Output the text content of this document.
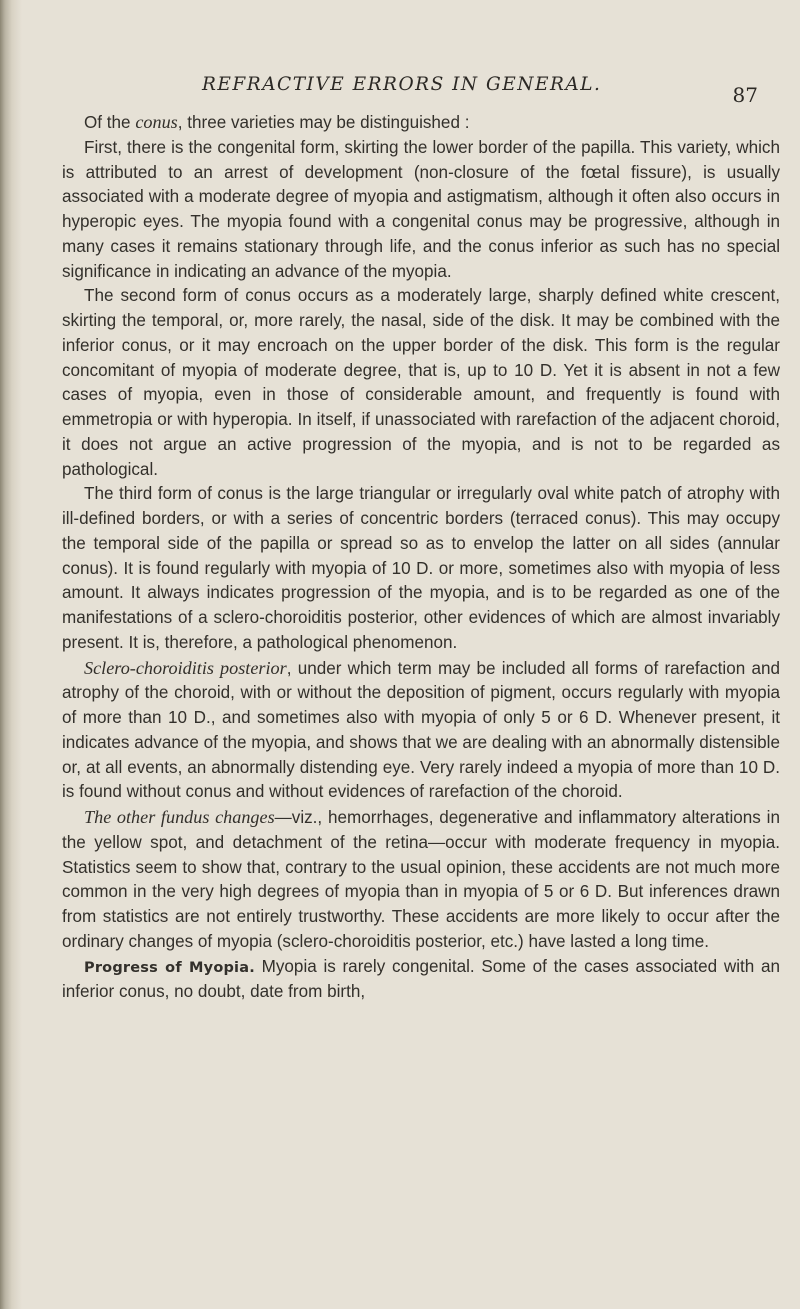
REFRACTIVE ERRORS IN GENERAL.	87

Of the conus, three varieties may be distinguished :

First, there is the congenital form, skirting the lower border of the papilla. This variety, which is attributed to an arrest of development (non-closure of the fœtal fissure), is usually associated with a moderate degree of myopia and astigmatism, although it often also occurs in hyperopic eyes. The myopia found with a congenital conus may be progressive, although in many cases it remains stationary through life, and the conus inferior as such has no special significance in indicating an advance of the myopia.

The second form of conus occurs as a moderately large, sharply defined white crescent, skirting the temporal, or, more rarely, the nasal, side of the disk. It may be combined with the inferior conus, or it may encroach on the upper border of the disk. This form is the regular concomitant of myopia of moderate degree, that is, up to 10 D. Yet it is absent in not a few cases of myopia, even in those of considerable amount, and frequently is found with emmetropia or with hyperopia. In itself, if unassociated with rarefaction of the adjacent choroid, it does not argue an active progression of the myopia, and is not to be regarded as pathological.

The third form of conus is the large triangular or irregularly oval white patch of atrophy with ill-defined borders, or with a series of concentric borders (terraced conus). This may occupy the temporal side of the papilla or spread so as to envelop the latter on all sides (annular conus). It is found regularly with myopia of 10 D. or more, sometimes also with myopia of less amount. It always indicates progression of the myopia, and is to be regarded as one of the manifestations of a sclero-choroiditis posterior, other evidences of which are almost invariably present. It is, therefore, a pathological phenomenon.

Sclero-choroiditis posterior, under which term may be included all forms of rarefaction and atrophy of the choroid, with or without the deposition of pigment, occurs regularly with myopia of more than 10 D., and sometimes also with myopia of only 5 or 6 D. Whenever present, it indicates advance of the myopia, and shows that we are dealing with an abnormally distensible or, at all events, an abnormally distending eye. Very rarely indeed a myopia of more than 10 D. is found without conus and without evidences of rarefaction of the choroid.

The other fundus changes—viz., hemorrhages, degenerative and inflammatory alterations in the yellow spot, and detachment of the retina—occur with moderate frequency in myopia. Statistics seem to show that, contrary to the usual opinion, these accidents are not much more common in the very high degrees of myopia than in myopia of 5 or 6 D. But inferences drawn from statistics are not entirely trustworthy. These accidents are more likely to occur after the ordinary changes of myopia (sclero-choroiditis posterior, etc.) have lasted a long time.

Progress of Myopia. Myopia is rarely congenital. Some of the cases associated with an inferior conus, no doubt, date from birth,
